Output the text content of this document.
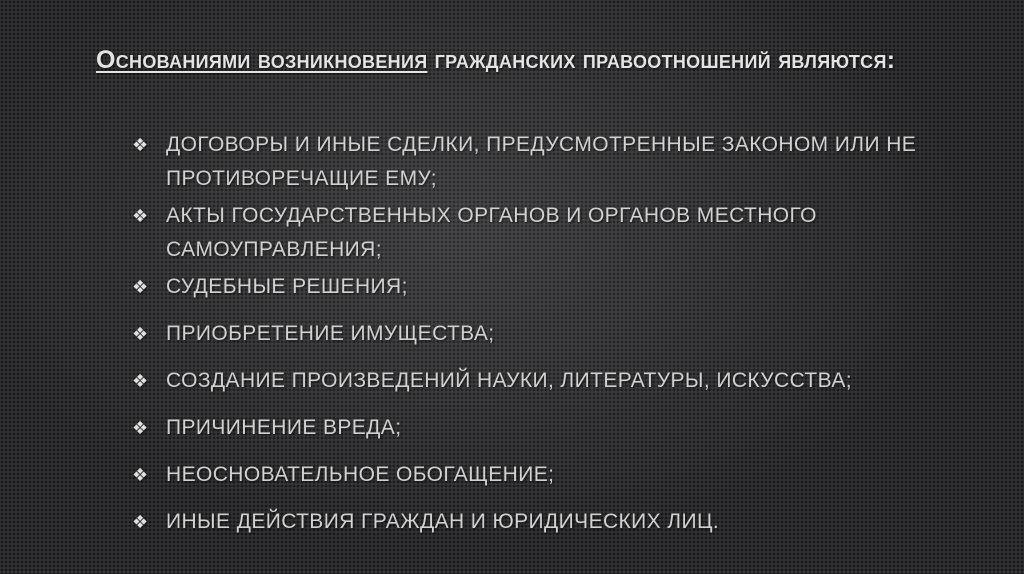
Основаниями возникновения гражданских правоотношений являются:
❖ ДОГОВОРЫ И ИНЫЕ СДЕЛКИ, ПРЕДУСМОТРЕННЫЕ ЗАКОНОМ ИЛИ НЕ ПРОТИВОРЕЧАЩИЕ ЕМУ;
❖ АКТЫ ГОСУДАРСТВЕННЫХ ОРГАНОВ И ОРГАНОВ МЕСТНОГО САМОУПРАВЛЕНИЯ;
❖ СУДЕБНЫЕ РЕШЕНИЯ;
❖ ПРИОБРЕТЕНИЕ ИМУЩЕСТВА;
❖ СОЗДАНИЕ ПРОИЗВЕДЕНИЙ НАУКИ, ЛИТЕРАТУРЫ, ИСКУССТВА;
❖ ПРИЧИНЕНИЕ ВРЕДА;
❖ НЕОСНОВАТЕЛЬНОЕ ОБОГАЩЕНИЕ;
❖ ИНЫЕ ДЕЙСТВИЯ ГРАЖДАН И ЮРИДИЧЕСКИХ ЛИЦ.
